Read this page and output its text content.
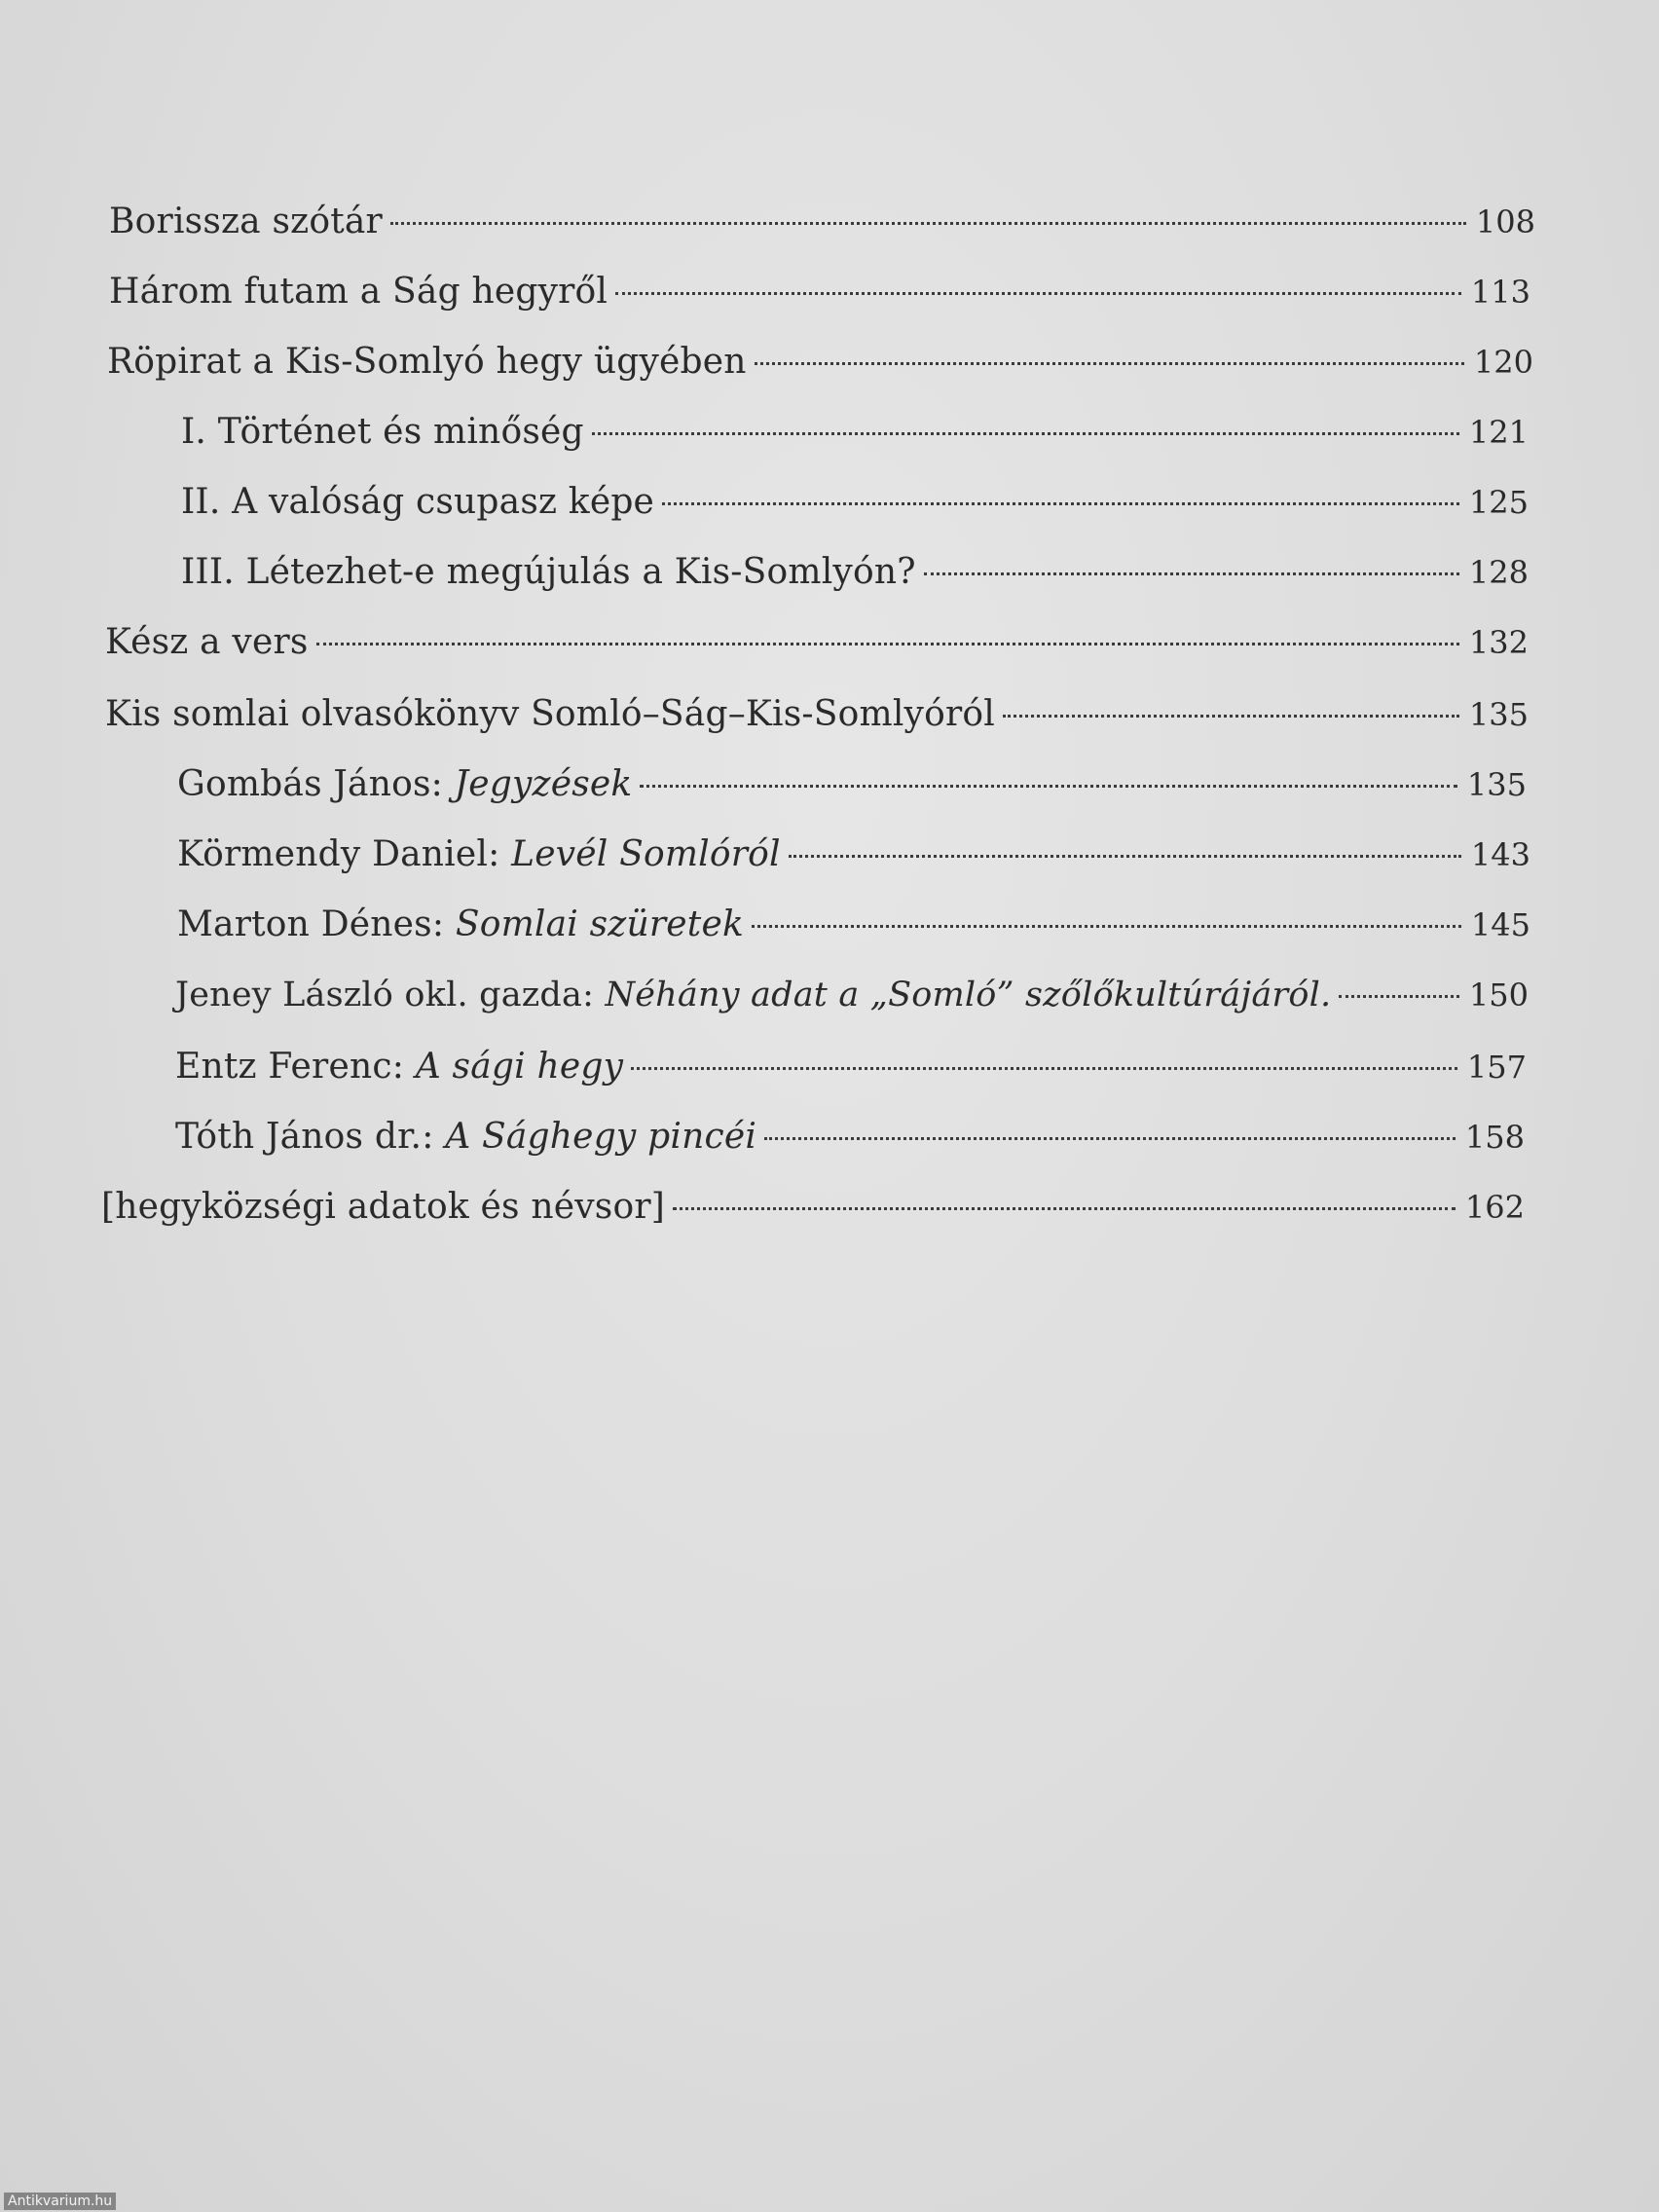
Borissza szótár	108
Három futam a Ság hegyről	113
Röpirat a Kis-Somlyó hegy ügyében	120
I. Történet és minőség	121
II. A valóság csupasz képe	125
III. Létezhet-e megújulás a Kis-Somlyón?	128
Kész a vers	132
Kis somlai olvasókönyv Somló–Ság–Kis-Somlyóról	135
Gombás János: Jegyzések	135
Körmendy Daniel: Levél Somlóról	143
Marton Dénes: Somlai szüretek	145
Jeney László okl. gazda: Néhány adat a „Somló” szőlőkultúrájáról.	150
Entz Ferenc: A sági hegy	157
Tóth János dr.: A Sághegy pincéi	158
[hegyközségi adatok és névsor]	162
Antikvarium.hu
